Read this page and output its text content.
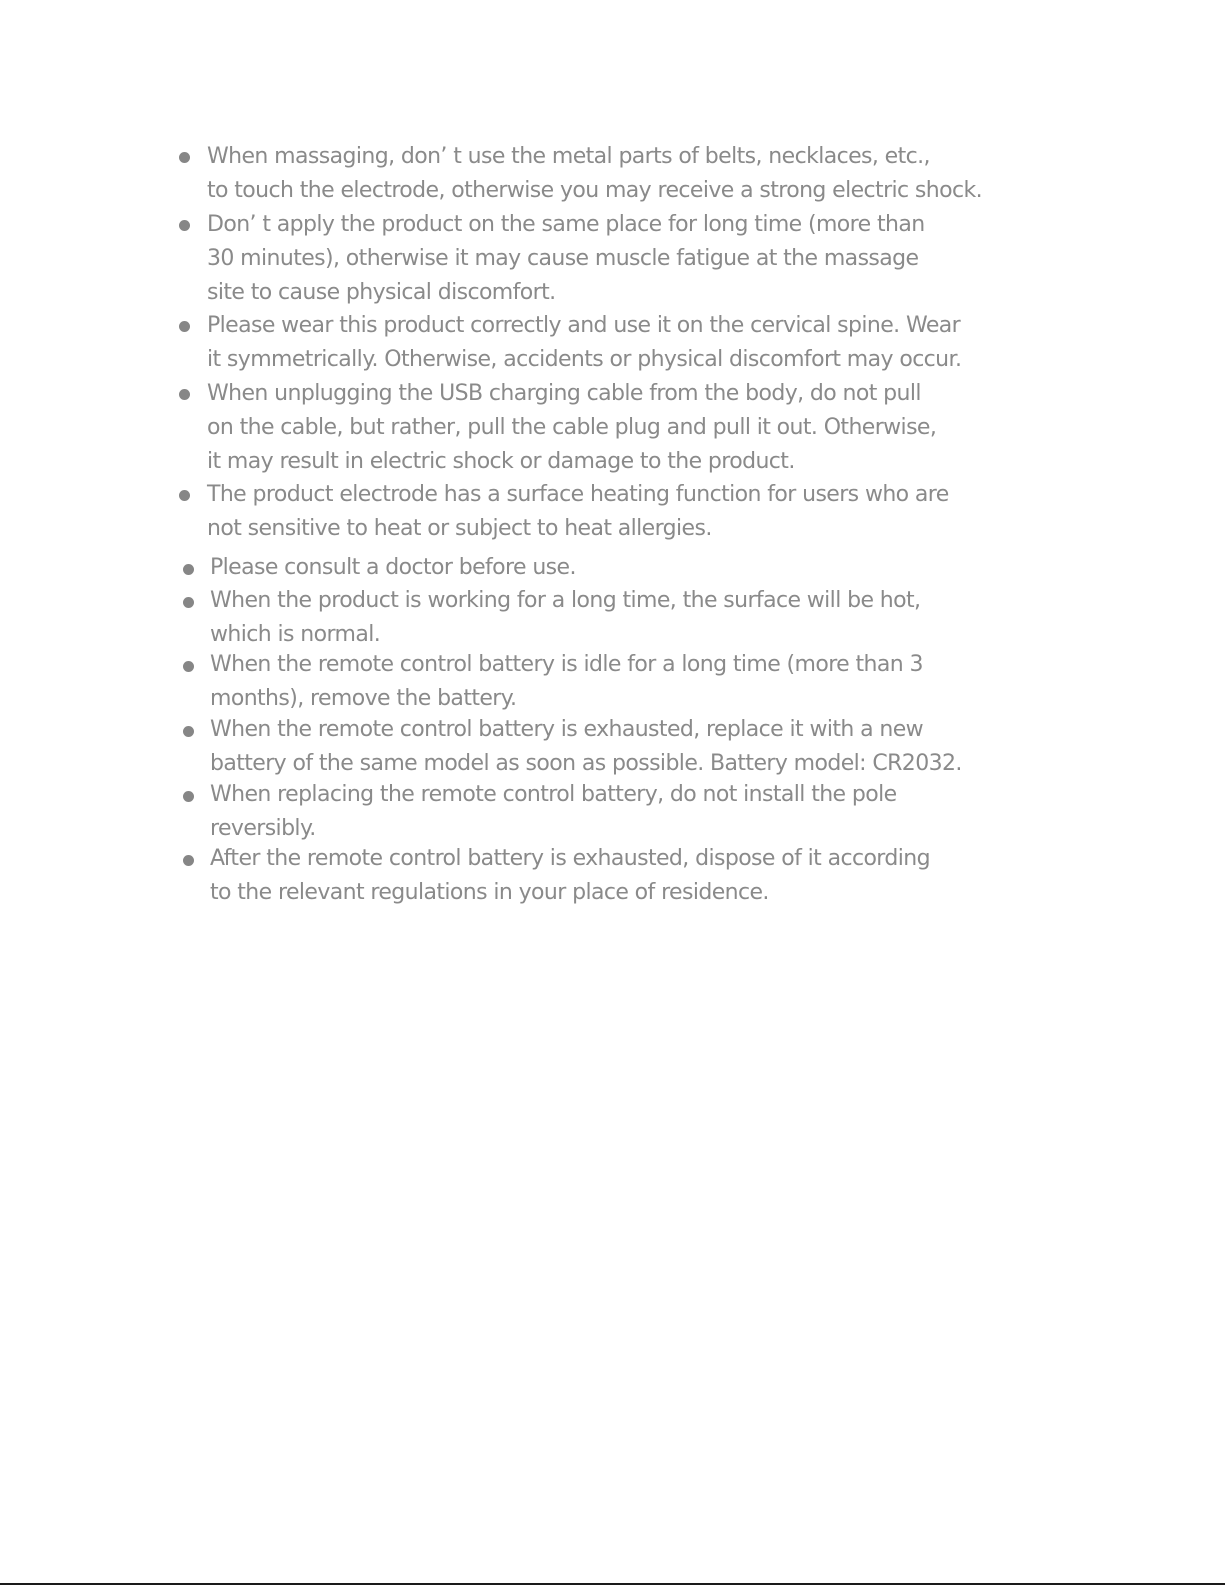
When massaging, don’ t use the metal parts of belts, necklaces, etc.,
to touch the electrode, otherwise you may receive a strong electric shock.
Don’ t apply the product on the same place for long time (more than
30 minutes), otherwise it may cause muscle fatigue at the massage
site to cause physical discomfort.
Please wear this product correctly and use it on the cervical spine. Wear
it symmetrically. Otherwise, accidents or physical discomfort may occur.
When unplugging the USB charging cable from the body, do not pull
on the cable, but rather, pull the cable plug and pull it out. Otherwise,
it may result in electric shock or damage to the product.
The product electrode has a surface heating function for users who are
not sensitive to heat or subject to heat allergies.
Please consult a doctor before use.
When the product is working for a long time, the surface will be hot,
which is normal.
When the remote control battery is idle for a long time (more than 3
months), remove the battery.
When the remote control battery is exhausted, replace it with a new
battery of the same model as soon as possible. Battery model: CR2032.
When replacing the remote control battery, do not install the pole
reversibly.
After the remote control battery is exhausted, dispose of it according
to the relevant regulations in your place of residence.
